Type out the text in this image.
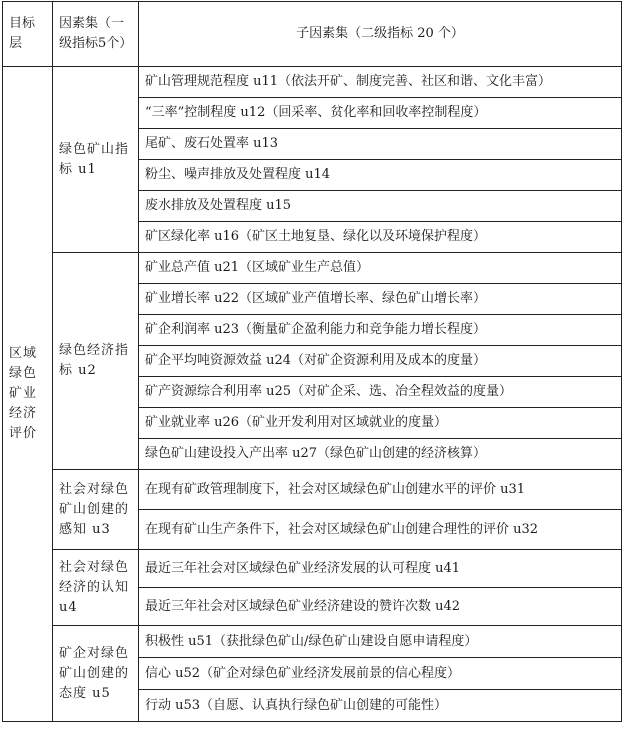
目标层	因素集（一级指标5个）	子因素集（二级指标 20 个）
区域绿色矿业经济评价	绿色矿山指标 u1	矿山管理规范程度 u11（依法开矿、制度完善、社区和谐、文化丰富）
		“三率”控制程度 u12（回采率、贫化率和回收率控制程度）
		尾矿、废石处置率 u13
		粉尘、噪声排放及处置程度 u14
		废水排放及处置程度 u15
		矿区绿化率 u16（矿区土地复垦、绿化以及环境保护程度）
	绿色经济指标 u2	矿业总产值 u21（区域矿业生产总值）
		矿业增长率 u22（区域矿业产值增长率、绿色矿山增长率）
		矿企利润率 u23（衡量矿企盈利能力和竞争能力增长程度）
		矿企平均吨资源效益 u24（对矿企资源利用及成本的度量）
		矿产资源综合利用率 u25（对矿企采、选、冶全程效益的度量）
		矿业就业率 u26（矿业开发利用对区域就业的度量）
		绿色矿山建设投入产出率 u27（绿色矿山创建的经济核算）
	社会对绿色矿山创建的感知 u3	在现有矿政管理制度下，社会对区域绿色矿山创建水平的评价 u31
		在现有矿山生产条件下，社会对区域绿色矿山创建合理性的评价 u32
	社会对绿色经济的认知 u4	最近三年社会对区域绿色矿业经济发展的认可程度 u41
		最近三年社会对区域绿色矿业经济建设的赞许次数 u42
	矿企对绿色矿山创建的态度 u5	积极性 u51（获批绿色矿山/绿色矿山建设自愿申请程度）
		信心 u52（矿企对绿色矿业经济发展前景的信心程度）
		行动 u53（自愿、认真执行绿色矿山创建的可能性）
